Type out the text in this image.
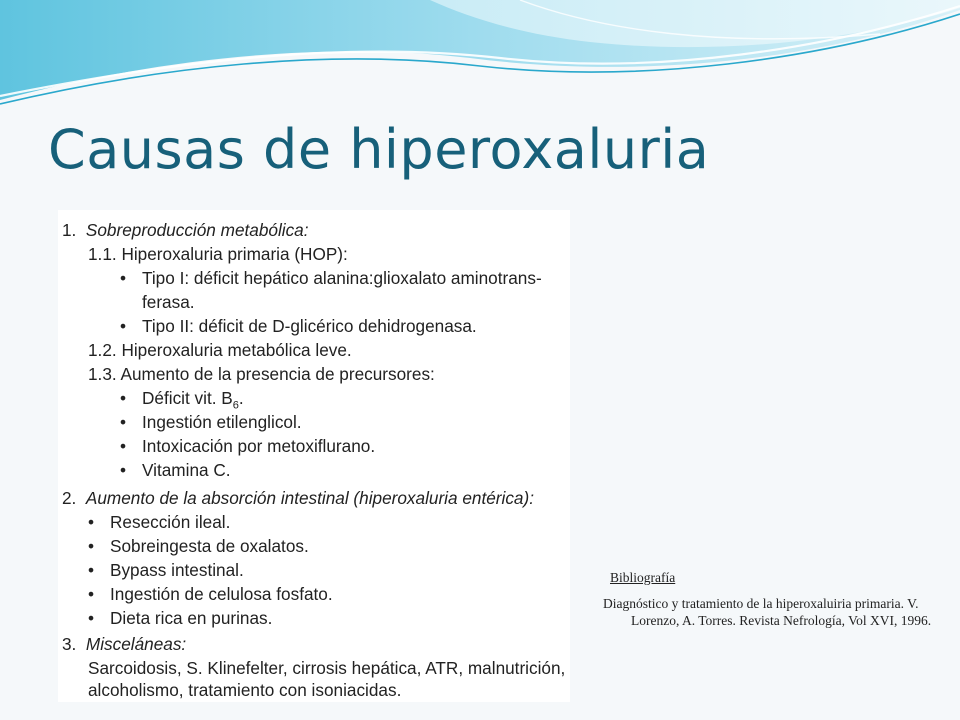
Causas de hiperoxaluria
1. Sobreproducción metabólica:
1.1. Hiperoxaluria primaria (HOP):
• Tipo I: déficit hepático alanina:glioxalato aminotrans-
ferasa.
• Tipo II: déficit de D-glicérico dehidrogenasa.
1.2. Hiperoxaluria metabólica leve.
1.3. Aumento de la presencia de precursores:
• Déficit vit. $B_6$.
• Ingestión etilenglicol.
• Intoxicación por metoxiflurano.
• Vitamina C.
2. Aumento de la absorción intestinal (hiperoxaluria entérica):
• Resección ileal.
• Sobreingesta de oxalatos.
• Bypass intestinal.
• Ingestión de celulosa fosfato.
• Dieta rica en purinas.
3. Misceláneas:
Sarcoidosis, S. Klinefelter, cirrosis hepática, ATR, malnutrición,
alcoholismo, tratamiento con isoniacidas.
Bibliografía
Diagnóstico y tratamiento de la hiperoxaluiria primaria. V. Lorenzo, A. Torres. Revista Nefrología, Vol XVI, 1996.
